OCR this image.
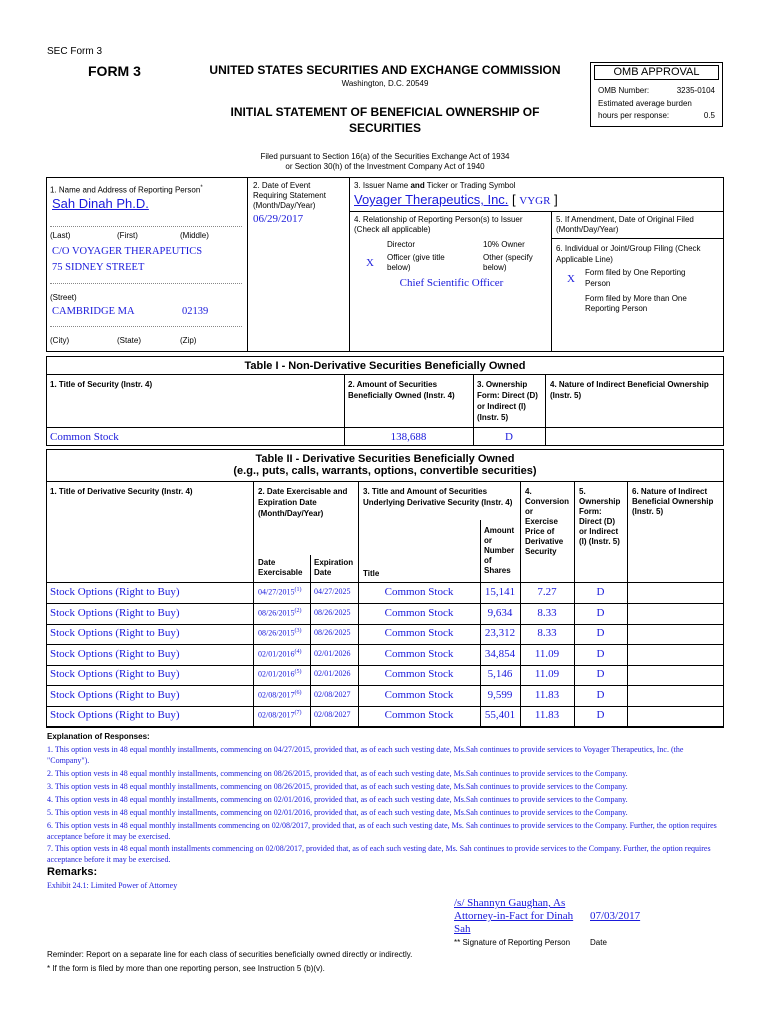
SEC Form 3
FORM 3	UNITED STATES SECURITIES AND EXCHANGE COMMISSION
Washington, D.C. 20549
INITIAL STATEMENT OF BENEFICIAL OWNERSHIP OF
SECURITIES
OMB APPROVAL
OMB Number:	3235-0104
Estimated average burden
hours per response:	0.5
Filed pursuant to Section 16(a) of the Securities Exchange Act of 1934
or Section 30(h) of the Investment Company Act of 1940
1. Name and Address of Reporting Person*
Sah Dinah Ph.D.
(Last)	(First)	(Middle)
C/O VOYAGER THERAPEUTICS
75 SIDNEY STREET
(Street)
CAMBRIDGE MA	02139
(City)	(State)	(Zip)
2. Date of Event
Requiring Statement
(Month/Day/Year)
06/29/2017
3. Issuer Name and Ticker or Trading Symbol
Voyager Therapeutics, Inc. [ VYGR ]
4. Relationship of Reporting Person(s) to Issuer
(Check all applicable)
Director	10% Owner
X Officer (give title
below)
Other (specify
below)
Chief Scientific Officer
5. If Amendment, Date of Original Filed
(Month/Day/Year)
6. Individual or Joint/Group Filing (Check
Applicable Line)
X
Form filed by One Reporting
Person
Form filed by More than One
Reporting Person
Table I - Non-Derivative Securities Beneficially Owned
1. Title of Security (Instr. 4)	2. Amount of Securities
Beneficially Owned (Instr. 4)
3. Ownership
Form: Direct (D)
or Indirect (I)
(Instr. 5)
4. Nature of Indirect Beneficial Ownership
(Instr. 5)
Common Stock	138,688	D
Table II - Derivative Securities Beneficially Owned
(e.g., puts, calls, warrants, options, convertible securities)
1. Title of Derivative Security (Instr. 4)	2. Date Exercisable and
Expiration Date
(Month/Day/Year)
3. Title and Amount of Securities
Underlying Derivative Security (Instr. 4)
4.
Conversion
or
Exercise
Price of
Derivative
Security
5.
Ownership
Form:
Direct (D)
or Indirect
(I) (Instr. 5)
6. Nature of Indirect
Beneficial Ownership
(Instr. 5)
Date
Exercisable
Expiration
Date	Title
Amount
or
Number
of
Shares
Stock Options (Right to Buy)	04/27/2015$^{(1)}$ 04/27/2025	Common Stock	15,141	7.27	D
Stock Options (Right to Buy)	08/26/2015$^{(2)}$ 08/26/2025	Common Stock	9,634	8.33	D
Stock Options (Right to Buy)	08/26/2015$^{(3)}$ 08/26/2025	Common Stock	23,312	8.33	D
Stock Options (Right to Buy)	02/01/2016$^{(4)}$ 02/01/2026	Common Stock	34,854	11.09	D
Stock Options (Right to Buy)	02/01/2016$^{(5)}$ 02/01/2026	Common Stock	5,146	11.09	D
Stock Options (Right to Buy)	02/08/2017$^{(6)}$ 02/08/2027	Common Stock	9,599	11.83	D
Stock Options (Right to Buy)	02/08/2017$^{(7)}$ 02/08/2027	Common Stock	55,401	11.83	D
Explanation of Responses:
1. This option vests in 48 equal monthly installments, commencing on 04/27/2015, provided that, as of each such vesting date, Ms.Sah continues to provide services to Voyager Therapeutics, Inc. (the "Company").
2. This option vests in 48 equal monthly installments, commencing on 08/26/2015, provided that, as of each such vesting date, Ms.Sah continues to provide services to the Company.
3. This option vests in 48 equal monthly installments, commencing on 08/26/2015, provided that, as of each such vesting date, Ms.Sah continues to provide services to the Company.
4. This option vests in 48 equal monthly installments, commencing on 02/01/2016, provided that, as of each such vesting date, Ms.Sah continues to provide services to the Company.
5. This option vests in 48 equal monthly installments, commencing on 02/01/2016, provided that, as of each such vesting date, Ms.Sah continues to provide services to the Company.
6. This option vests in 48 equal monthly installments commencing on 02/08/2017, provided that, as of each such vesting date, Ms. Sah continues to provide services to the Company. Further, the option requires acceptance before it may be exercised.
7. This option vests in 48 equal month installments commencing on 02/08/2017, provided that, as of each such vesting date, Ms. Sah continues to provide services to the Company. Further, the option requires acceptance before it may be exercised.
Remarks:
Exhibit 24.1: Limited Power of Attorney
/s/ Shannyn Gaughan, As
Attorney-in-Fact for Dinah
Sah
07/03/2017
** Signature of Reporting Person Date
Reminder: Report on a separate line for each class of securities beneficially owned directly or indirectly.
* If the form is filed by more than one reporting person, see Instruction 5 (b)(v).
